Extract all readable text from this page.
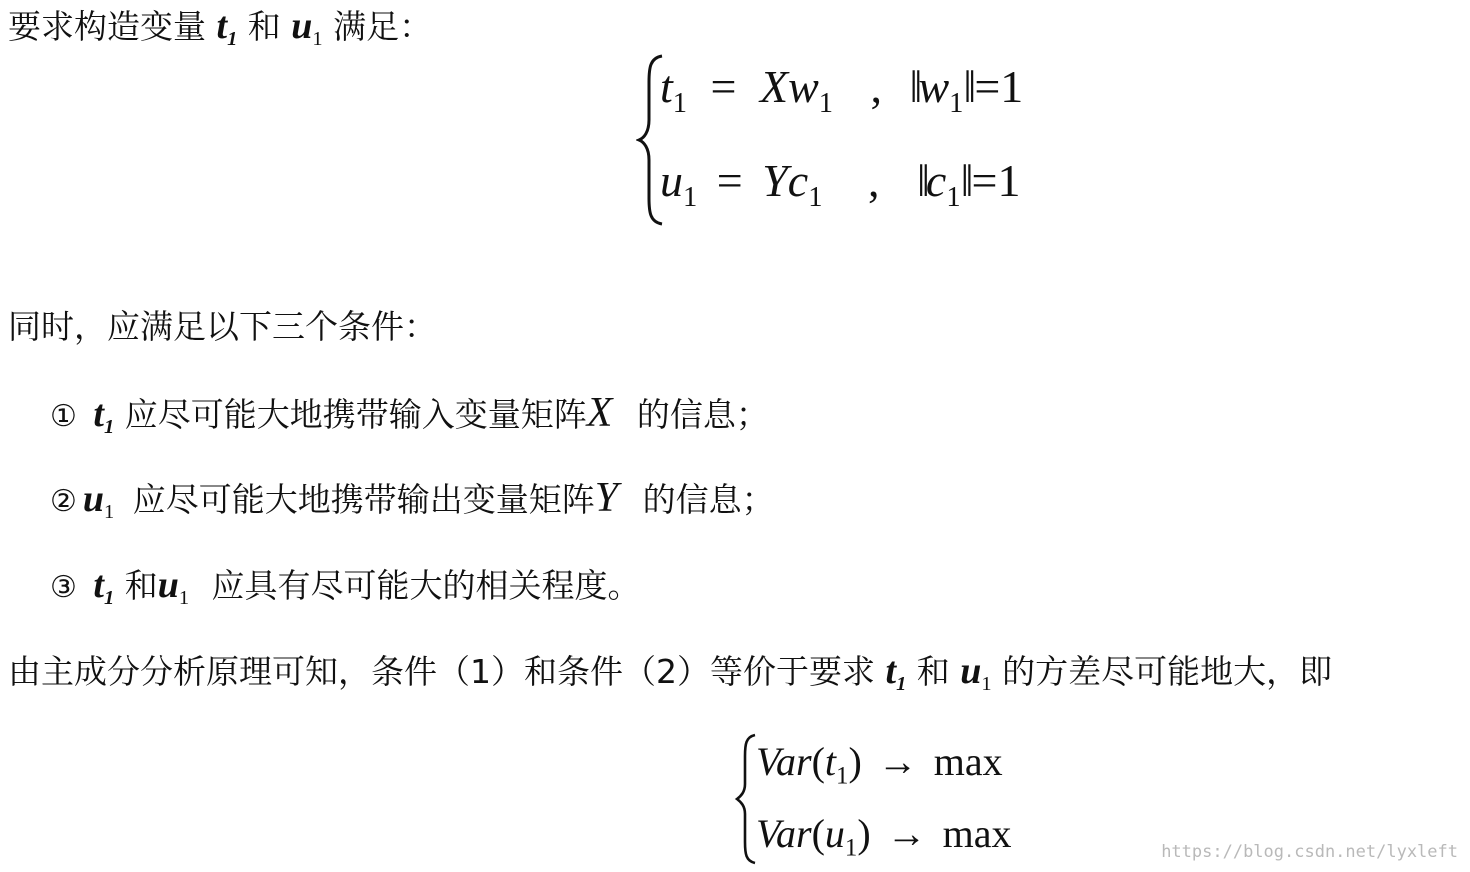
要求构造变量 $t_1$ 和 $u_1$ 满足：
$t_1 = Xw_1$ , $‖w_1‖=1$
$u_1 = Yc_1$ , $‖c_1‖=1$
同时，应满足以下三个条件：
① $t_1$ 应尽可能大地携带输入变量矩阵X 的信息；
② $u_1$ 应尽可能大地携带输出变量矩阵Y 的信息；
③ $t_1$ 和$u_1$ 应具有尽可能大的相关程度。
由主成分分析原理可知，条件（1）和条件（2）等价于要求 $t_1$ 和 $u_1$ 的方差尽可能地大，即
$Var(t_1) \to \max$
$Var(u_1) \to \max$	https://blog.csdn.net/lyxleft
